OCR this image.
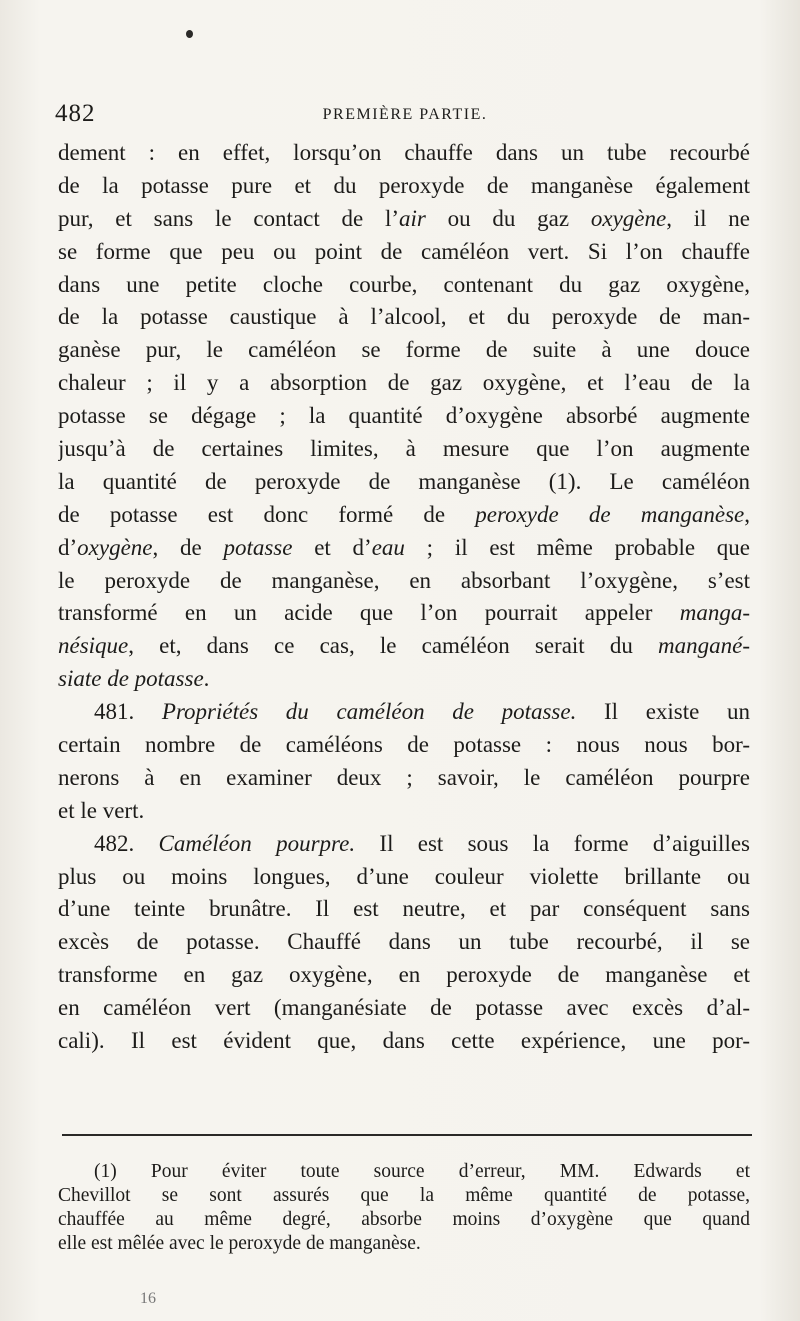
482	PREMIÈRE PARTIE.
dement : en effet, lorsqu’on chauffe dans un tube recourbé
de la potasse pure et du peroxyde de manganèse également
pur, et sans le contact de l’air ou du gaz oxygène, il ne
se forme que peu ou point de caméléon vert. Si l’on chauffe
dans une petite cloche courbe, contenant du gaz oxygène,
de la potasse caustique à l’alcool, et du peroxyde de man-
ganèse pur, le caméléon se forme de suite à une douce
chaleur ; il y a absorption de gaz oxygène, et l’eau de la
potasse se dégage ; la quantité d’oxygène absorbé augmente
jusqu’à de certaines limites, à mesure que l’on augmente
la quantité de peroxyde de manganèse (1). Le caméléon
de potasse est donc formé de peroxyde de manganèse,
d’oxygène, de potasse et d’eau ; il est même probable que
le peroxyde de manganèse, en absorbant l’oxygène, s’est
transformé en un acide que l’on pourrait appeler manga-
nésique, et, dans ce cas, le caméléon serait du mangané-
siate de potasse.
481. Propriétés du caméléon de potasse. Il existe un
certain nombre de caméléons de potasse : nous nous bor-
nerons à en examiner deux ; savoir, le caméléon pourpre
et le vert.
482. Caméléon pourpre. Il est sous la forme d’aiguilles
plus ou moins longues, d’une couleur violette brillante ou
d’une teinte brunâtre. Il est neutre, et par conséquent sans
excès de potasse. Chauffé dans un tube recourbé, il se
transforme en gaz oxygène, en peroxyde de manganèse et
en caméléon vert (manganésiate de potasse avec excès d’al-
cali). Il est évident que, dans cette expérience, une por-
(1) Pour éviter toute source d’erreur, MM. Edwards et
Chevillot se sont assurés que la même quantité de potasse,
chauffée au même degré, absorbe moins d’oxygène que quand
elle est mêlée avec le peroxyde de manganèse.
16
